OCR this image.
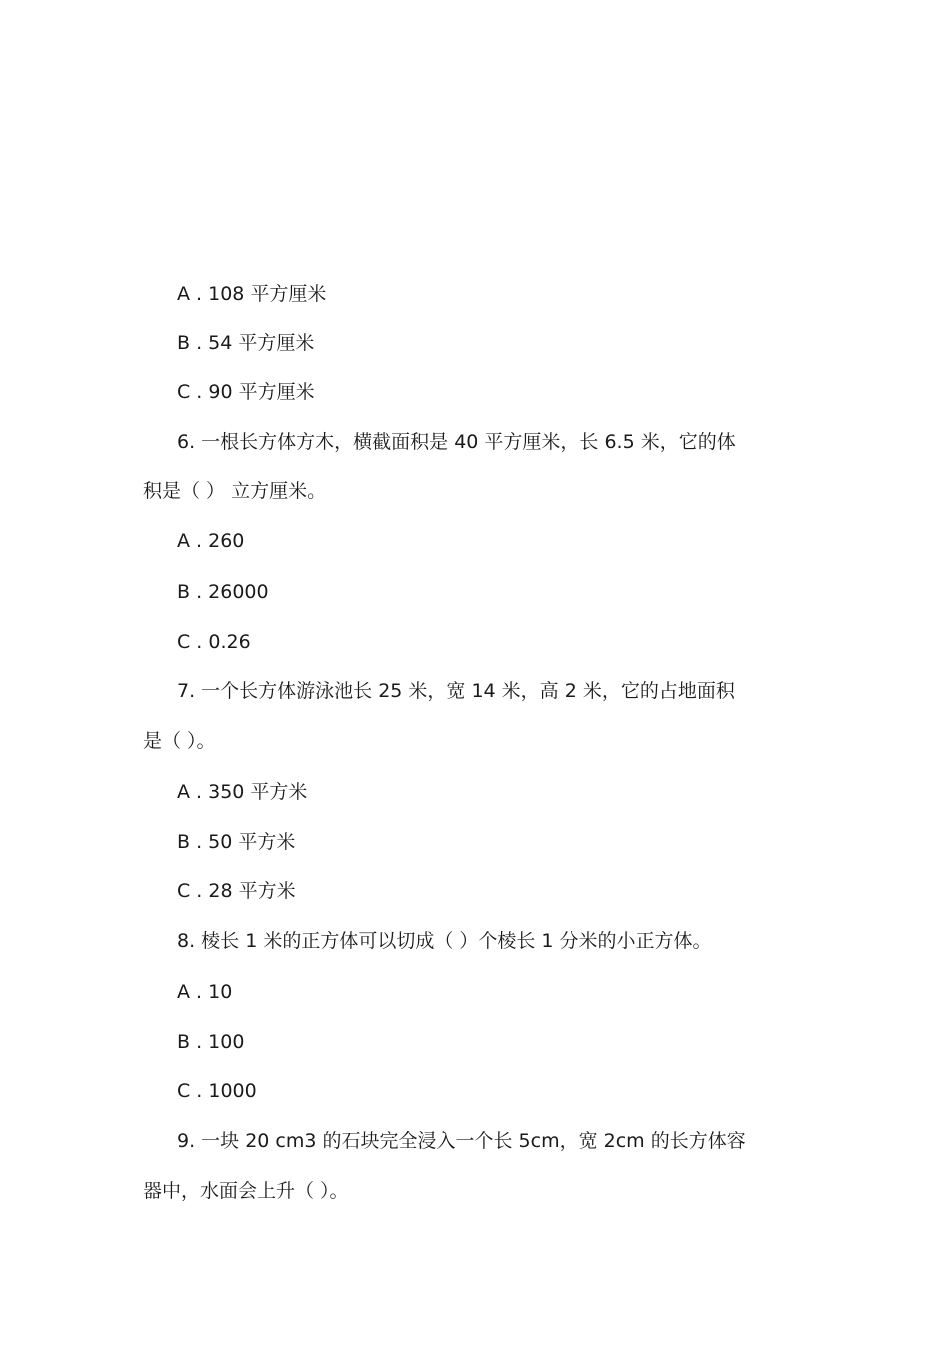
A . 108 平方厘米
B . 54 平方厘米
C . 90 平方厘米
6. 一根长方体方木，横截面积是 40 平方厘米，长 6.5 米，它的体
积是（ ） 立方厘米。
A . 260
B . 26000
C . 0.26
7. 一个长方体游泳池长 25 米，宽 14 米，高 2 米，它的占地面积
是（ ）。
A . 350 平方米
B . 50 平方米
C . 28 平方米
8. 棱长 1 米的正方体可以切成（ ）个棱长 1 分米的小正方体。
A . 10
B . 100
C . 1000
9. 一块 20 cm3 的石块完全浸入一个长 5cm，宽 2cm 的长方体容
器中，水面会上升（ ）。
